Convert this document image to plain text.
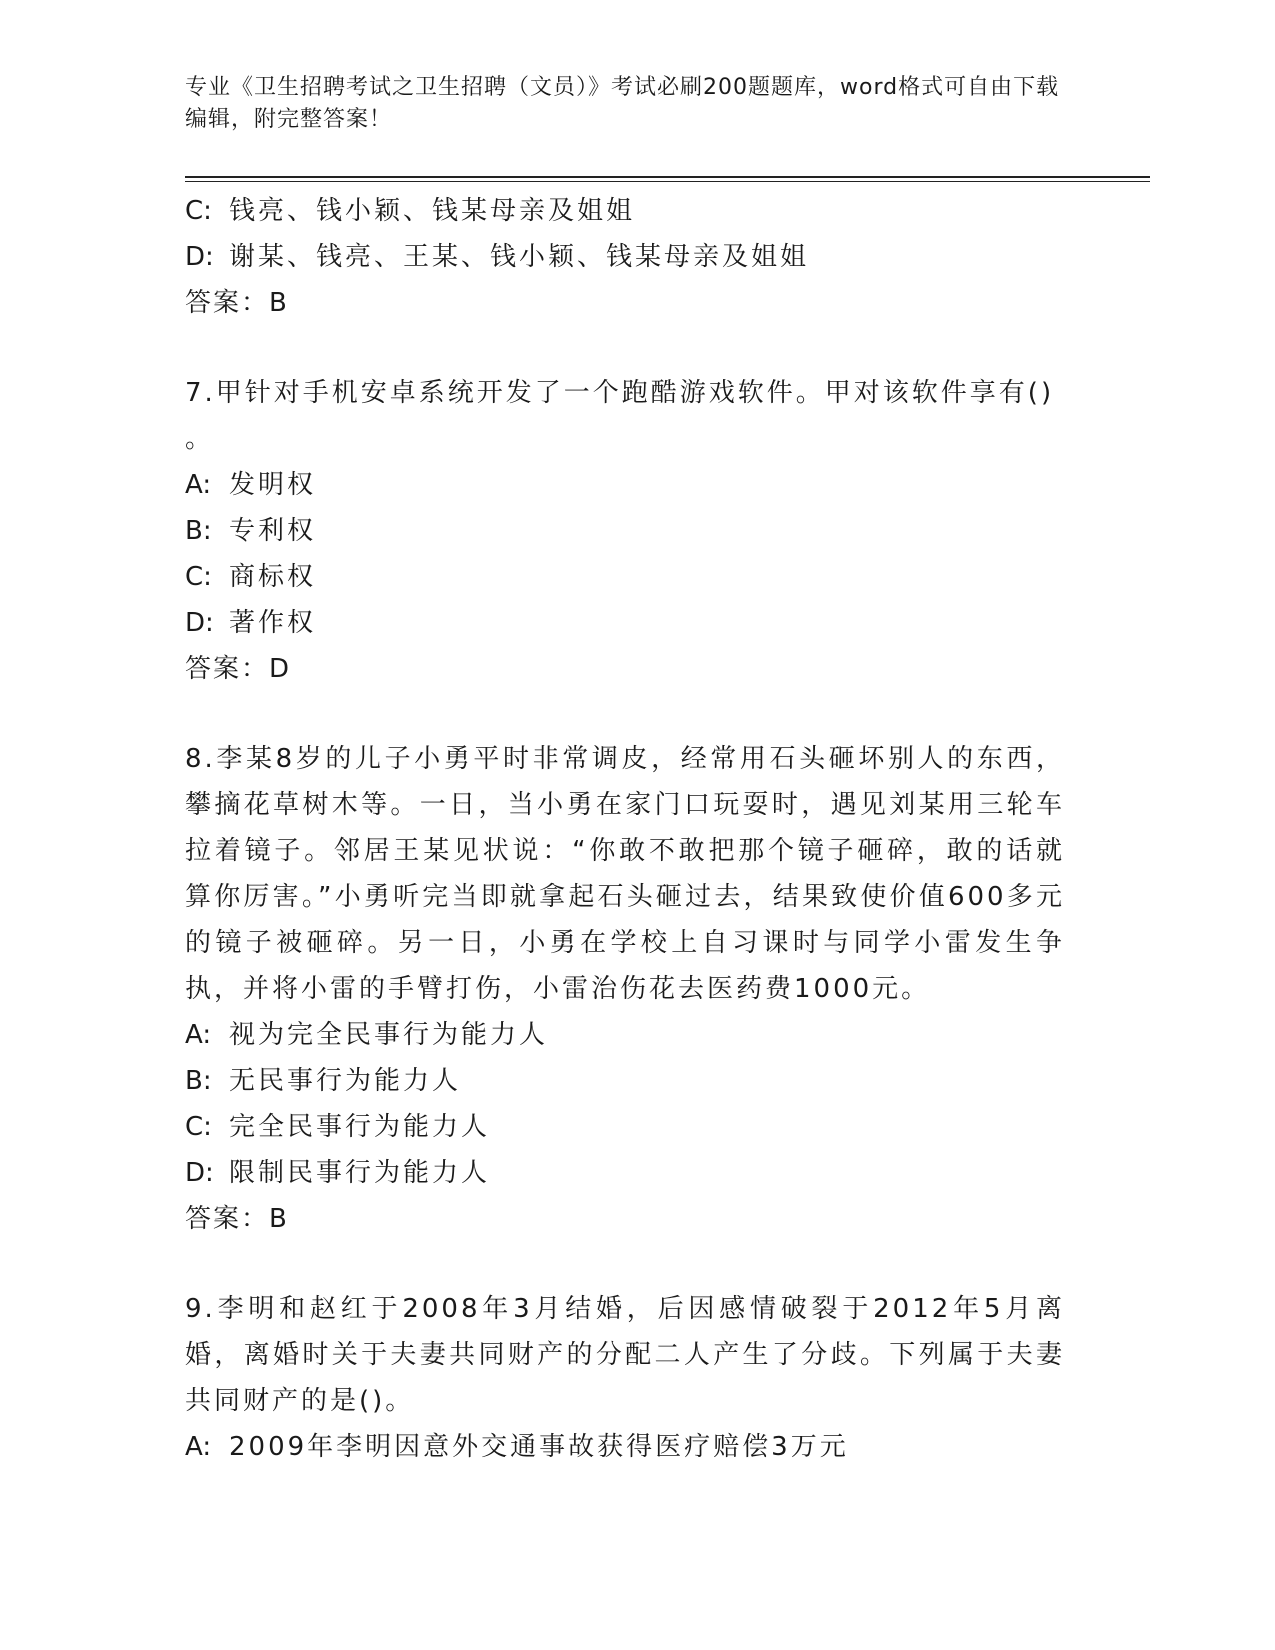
专业《卫生招聘考试之卫生招聘（文员）》考试必刷200题题库，word格式可自由下载编辑，附完整答案！
C: 钱亮、钱小颖、钱某母亲及姐姐
D: 谢某、钱亮、王某、钱小颖、钱某母亲及姐姐
答案：B
7.甲针对手机安卓系统开发了一个跑酷游戏软件。甲对该软件享有()
。
A: 发明权
B: 专利权
C: 商标权
D: 著作权
答案：D
8.李某8岁的儿子小勇平时非常调皮，经常用石头砸坏别人的东西，攀摘花草树木等。一日，当小勇在家门口玩耍时，遇见刘某用三轮车拉着镜子。邻居王某见状说：“你敢不敢把那个镜子砸碎，敢的话就算你厉害。”小勇听完当即就拿起石头砸过去，结果致使价值600多元的镜子被砸碎。另一日，小勇在学校上自习课时与同学小雷发生争执，并将小雷的手臂打伤，小雷治伤花去医药费1000元。
A: 视为完全民事行为能力人
B: 无民事行为能力人
C: 完全民事行为能力人
D: 限制民事行为能力人
答案：B
9.李明和赵红于2008年3月结婚，后因感情破裂于2012年5月离婚，离婚时关于夫妻共同财产的分配二人产生了分歧。下列属于夫妻共同财产的是()。
A: 2009年李明因意外交通事故获得医疗赔偿3万元
